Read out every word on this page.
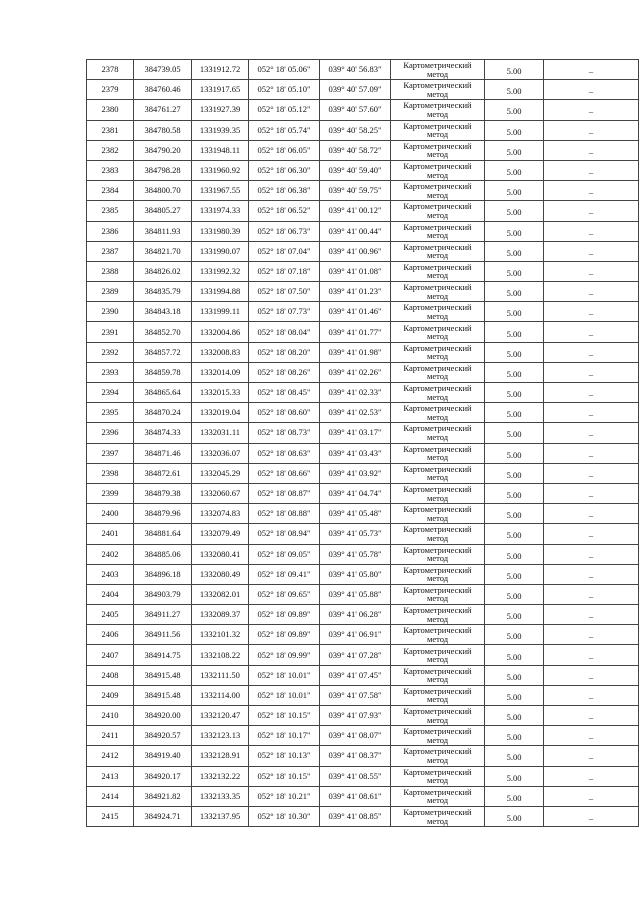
2378	384739.05	1331912.72	052° 18' 05.06"	039° 40' 56.83"	Картометрический
метод	5.00	–
2379	384760.46	1331917.65	052° 18' 05.10"	039° 40' 57.09"	Картометрический
метод	5.00	–
2380	384761.27	1331927.39	052° 18' 05.12"	039° 40' 57.60"	Картометрический
метод	5.00	–
2381	384780.58	1331939.35	052° 18' 05.74"	039° 40' 58.25"	Картометрический
метод	5.00	–
2382	384790.20	1331948.11	052° 18' 06.05"	039° 40' 58.72"	Картометрический
метод	5.00	–
2383	384798.28	1331960.92	052° 18' 06.30"	039° 40' 59.40"	Картометрический
метод	5.00	–
2384	384800.70	1331967.55	052° 18' 06.38"	039° 40' 59.75"	Картометрический
метод	5.00	–
2385	384805.27	1331974.33	052° 18' 06.52"	039° 41' 00.12"	Картометрический
метод	5.00	–
2386	384811.93	1331980.39	052° 18' 06.73"	039° 41' 00.44"	Картометрический
метод	5.00	–
2387	384821.70	1331990.07	052° 18' 07.04"	039° 41' 00.96"	Картометрический
метод	5.00	–
2388	384826.02	1331992.32	052° 18' 07.18"	039° 41' 01.08"	Картометрический
метод	5.00	–
2389	384835.79	1331994.88	052° 18' 07.50"	039° 41' 01.23"	Картометрический
метод	5.00	–
2390	384843.18	1331999.11	052° 18' 07.73"	039° 41' 01.46"	Картометрический
метод	5.00	–
2391	384852.70	1332004.86	052° 18' 08.04"	039° 41' 01.77"	Картометрический
метод	5.00	–
2392	384857.72	1332008.83	052° 18' 08.20"	039° 41' 01.98"	Картометрический
метод	5.00	–
2393	384859.78	1332014.09	052° 18' 08.26"	039° 41' 02.26"	Картометрический
метод	5.00	–
2394	384865.64	1332015.33	052° 18' 08.45"	039° 41' 02.33"	Картометрический
метод	5.00	–
2395	384870.24	1332019.04	052° 18' 08.60"	039° 41' 02.53"	Картометрический
метод	5.00	–
2396	384874.33	1332031.11	052° 18' 08.73"	039° 41' 03.17"	Картометрический
метод	5.00	–
2397	384871.46	1332036.07	052° 18' 08.63"	039° 41' 03.43"	Картометрический
метод	5.00	–
2398	384872.61	1332045.29	052° 18' 08.66"	039° 41' 03.92"	Картометрический
метод	5.00	–
2399	384879.38	1332060.67	052° 18' 08.87"	039° 41' 04.74"	Картометрический
метод	5.00	–
2400	384879.96	1332074.83	052° 18' 08.88"	039° 41' 05.48"	Картометрический
метод	5.00	–
2401	384881.64	1332079.49	052° 18' 08.94"	039° 41' 05.73"	Картометрический
метод	5.00	–
2402	384885.06	1332080.41	052° 18' 09.05"	039° 41' 05.78"	Картометрический
метод	5.00	–
2403	384896.18	1332080.49	052° 18' 09.41"	039° 41' 05.80"	Картометрический
метод	5.00	–
2404	384903.79	1332082.01	052° 18' 09.65"	039° 41' 05.88"	Картометрический
метод	5.00	–
2405	384911.27	1332089.37	052° 18' 09.89"	039° 41' 06.28"	Картометрический
метод	5.00	–
2406	384911.56	1332101.32	052° 18' 09.89"	039° 41' 06.91"	Картометрический
метод	5.00	–
2407	384914.75	1332108.22	052° 18' 09.99"	039° 41' 07.28"	Картометрический
метод	5.00	–
2408	384915.48	1332111.50	052° 18' 10.01"	039° 41' 07.45"	Картометрический
метод	5.00	–
2409	384915.48	1332114.00	052° 18' 10.01"	039° 41' 07.58"	Картометрический
метод	5.00	–
2410	384920.00	1332120.47	052° 18' 10.15"	039° 41' 07.93"	Картометрический
метод	5.00	–
2411	384920.57	1332123.13	052° 18' 10.17"	039° 41' 08.07"	Картометрический
метод	5.00	–
2412	384919.40	1332128.91	052° 18' 10.13"	039° 41' 08.37"	Картометрический
метод	5.00	–
2413	384920.17	1332132.22	052° 18' 10.15"	039° 41' 08.55"	Картометрический
метод	5.00	–
2414	384921.82	1332133.35	052° 18' 10.21"	039° 41' 08.61"	Картометрический
метод	5.00	–
2415	384924.71	1332137.95	052° 18' 10.30"	039° 41' 08.85"	Картометрический
метод	5.00	–
